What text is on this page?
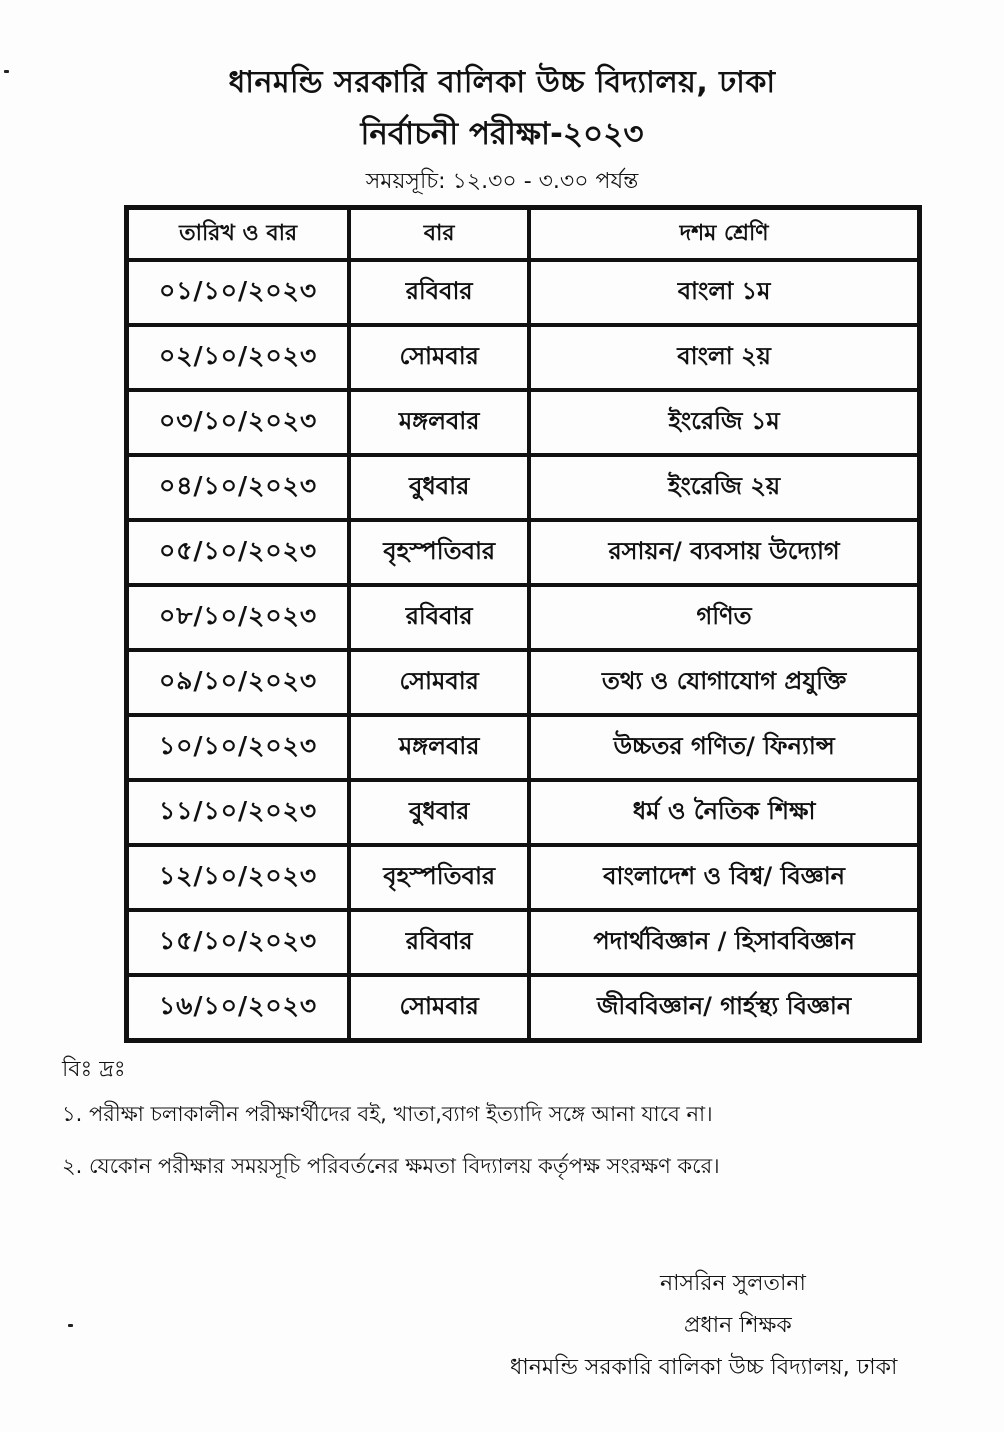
ধানমন্ডি সরকারি বালিকা উচ্চ বিদ্যালয়, ঢাকা
নির্বাচনী পরীক্ষা-২০২৩
সময়সূচি: ১২.৩০ - ৩.৩০ পর্যন্ত
তারিখ ও বার	বার	দশম শ্রেণি
০১/১০/২০২৩	রবিবার	বাংলা ১ম
০২/১০/২০২৩	সোমবার	বাংলা ২য়
০৩/১০/২০২৩	মঙ্গলবার	ইংরেজি ১ম
০৪/১০/২০২৩	বুধবার	ইংরেজি ২য়
০৫/১০/২০২৩	বৃহস্পতিবার	রসায়ন/ ব্যবসায় উদ্যোগ
০৮/১০/২০২৩	রবিবার	গণিত
০৯/১০/২০২৩	সোমবার	তথ্য ও যোগাযোগ প্রযুক্তি
১০/১০/২০২৩	মঙ্গলবার	উচ্চতর গণিত/ ফিন্যান্স
১১/১০/২০২৩	বুধবার	ধর্ম ও নৈতিক শিক্ষা
১২/১০/২০২৩	বৃহস্পতিবার	বাংলাদেশ ও বিশ্ব/ বিজ্ঞান
১৫/১০/২০২৩	রবিবার	পদার্থবিজ্ঞান / হিসাববিজ্ঞান
১৬/১০/২০২৩	সোমবার	জীববিজ্ঞান/ গার্হস্থ্য বিজ্ঞান
বিঃ দ্রঃ
১. পরীক্ষা চলাকালীন পরীক্ষার্থীদের বই, খাতা,ব্যাগ ইত্যাদি সঙ্গে আনা যাবে না।
২. যেকোন পরীক্ষার সময়সূচি পরিবর্তনের ক্ষমতা বিদ্যালয় কর্তৃপক্ষ সংরক্ষণ করে।
নাসরিন সুলতানা
প্রধান শিক্ষক
ধানমন্ডি সরকারি বালিকা উচ্চ বিদ্যালয়, ঢাকা
